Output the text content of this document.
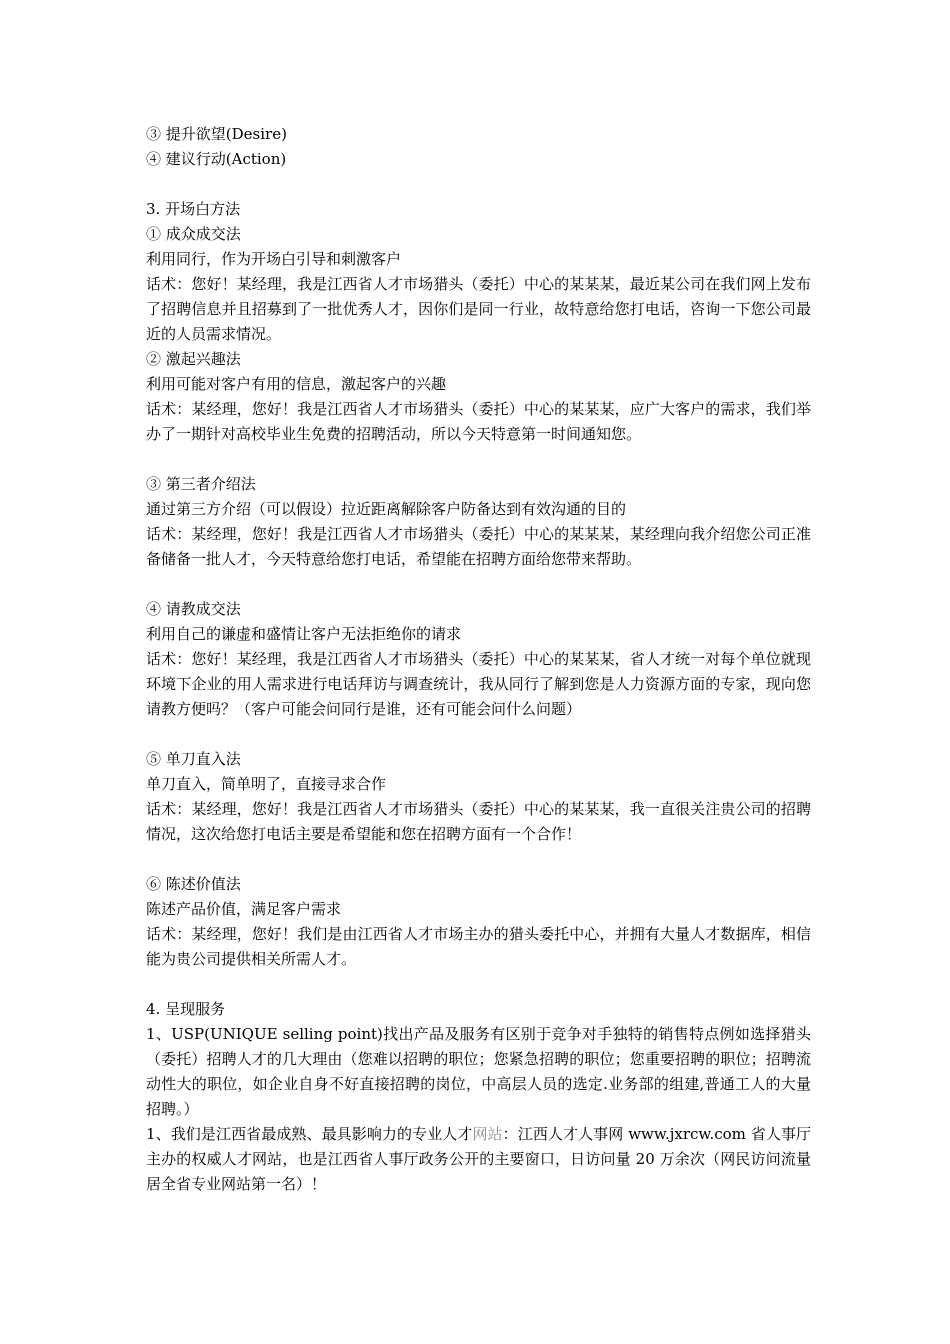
③ 提升欲望(Desire)
④ 建议行动(Action)
3. 开场白方法
① 成众成交法
利用同行，作为开场白引导和刺激客户
话术：您好！某经理，我是江西省人才市场猎头（委托）中心的某某某，最近某公司在我们网上发布了招聘信息并且招募到了一批优秀人才，因你们是同一行业，故特意给您打电话，咨询一下您公司最近的人员需求情况。
② 激起兴趣法
利用可能对客户有用的信息，激起客户的兴趣
话术：某经理，您好！我是江西省人才市场猎头（委托）中心的某某某，应广大客户的需求，我们举办了一期针对高校毕业生免费的招聘活动，所以今天特意第一时间通知您。
③ 第三者介绍法
通过第三方介绍（可以假设）拉近距离解除客户防备达到有效沟通的目的
话术：某经理，您好！我是江西省人才市场猎头（委托）中心的某某某，某经理向我介绍您公司正准备储备一批人才，今天特意给您打电话，希望能在招聘方面给您带来帮助。
④ 请教成交法
利用自己的谦虚和盛情让客户无法拒绝你的请求
话术：您好！某经理，我是江西省人才市场猎头（委托）中心的某某某，省人才统一对每个单位就现环境下企业的用人需求进行电话拜访与调查统计，我从同行了解到您是人力资源方面的专家，现向您请教方便吗？（客户可能会问同行是谁，还有可能会问什么问题）
⑤ 单刀直入法
单刀直入，简单明了，直接寻求合作
话术：某经理，您好！我是江西省人才市场猎头（委托）中心的某某某，我一直很关注贵公司的招聘情况，这次给您打电话主要是希望能和您在招聘方面有一个合作！
⑥ 陈述价值法
陈述产品价值，满足客户需求
话术：某经理，您好！我们是由江西省人才市场主办的猎头委托中心，并拥有大量人才数据库，相信能为贵公司提供相关所需人才。
4. 呈现服务
1、USP(UNIQUE selling point)找出产品及服务有区别于竞争对手独特的销售特点例如选择猎头（委托）招聘人才的几大理由（您难以招聘的职位；您紧急招聘的职位；您重要招聘的职位；招聘流动性大的职位，如企业自身不好直接招聘的岗位，中高层人员的选定.业务部的组建,普通工人的大量招聘。）
1、我们是江西省最成熟、最具影响力的专业人才网站：江西人才人事网 www.jxrcw.com 省人事厅主办的权威人才网站，也是江西省人事厅政务公开的主要窗口，日访问量 20 万余次（网民访问流量居全省专业网站第一名）！
